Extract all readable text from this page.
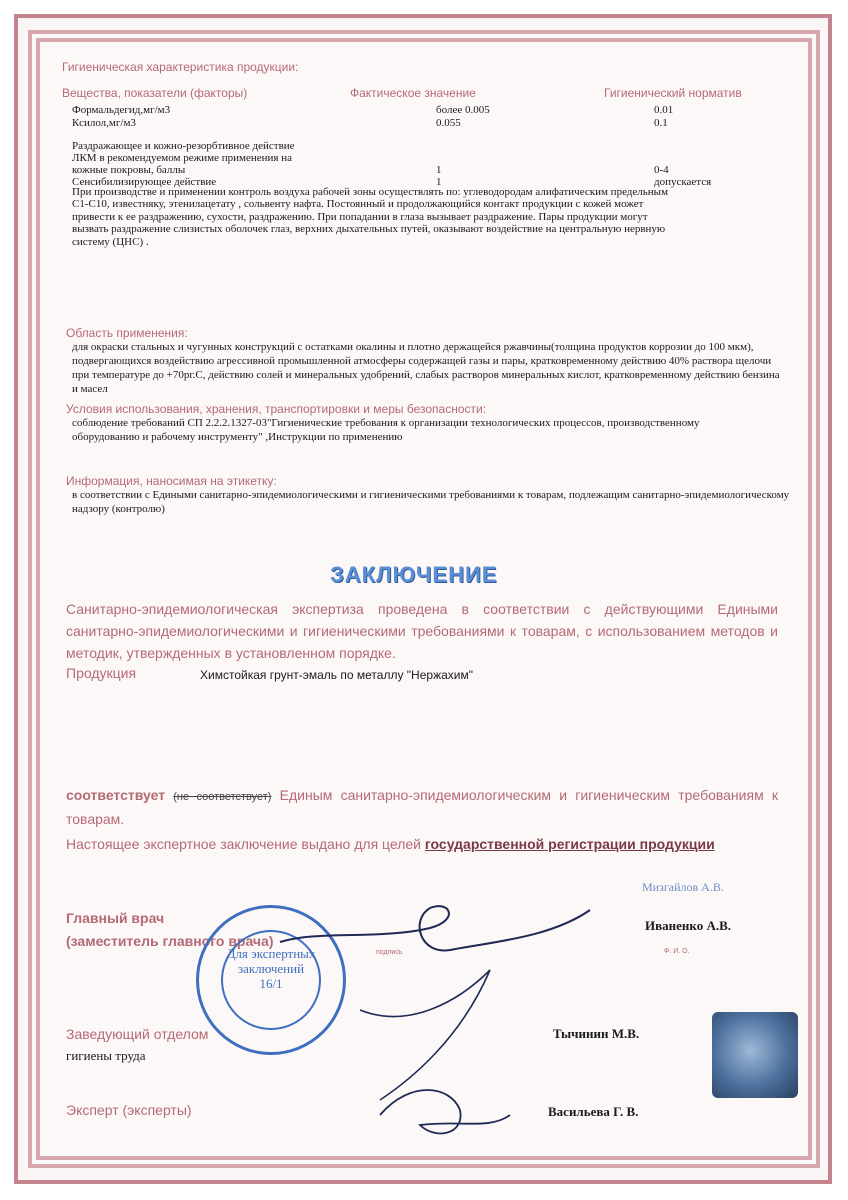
Гигиеническая характеристика продукции:
Вещества, показатели (факторы)	Фактическое значение	Гигиенический норматив
Формальдегид,мг/м3	более 0.005	0.01
Ксилол,мг/м3	0.055	0.1
Раздражающее и кожно-резорбтивное действие ЛКМ в рекомендуемом режиме применения на кожные покровы, баллы	1	0-4
Сенсибилизирующее действие	1	допускается
При производстве и применении контроль воздуха рабочей зоны осуществлять по: углеводородам алифатическим предельным С1-С10, известняку, этенилацетату , сольвенту нафта. Постоянный и продолжающийся контакт продукции с кожей может привести к ее раздражению, сухости, раздражению. При попадании в глаза вызывает раздражение. Пары продукции могут вызвать раздражение слизистых оболочек глаз, верхних дыхательных путей, оказывают воздействие на центральную нервную систему (ЦНС) .
Область применения:
для окраски стальных и чугунных конструкций с остатками окалины и плотно держащейся ржавчины(толщина продуктов коррозии до 100 мкм), подвергающихся воздействию агрессивной промышленной атмосферы содержащей газы и пары, кратковременному действию 40% раствора щелочи при температуре до +70рг.С, действию солей и минеральных удобрений, слабых растворов минеральных кислот, кратковременному действию бензина и масел
Условия использования, хранения, транспортировки и меры безопасности:
соблюдение требований СП 2.2.2.1327-03"Гигиенические требования к организации технологических процессов, производственному оборудованию и рабочему инструменту" ,Инструкции по применению
Информация, наносимая на этикетку:
в соответствии с Едиными санитарно-эпидемиологическими и гигиеническими требованиями к товарам, подлежащим санитарно-эпидемиологическому надзору (контролю)
ЗАКЛЮЧЕНИЕ
Санитарно-эпидемиологическая экспертиза проведена в соответствии с действующими Едиными санитарно-эпидемиологическими и гигиеническими требованиями к товарам, с использованием методов и методик, утвержденных в установленном порядке.
Продукция	Химстойкая грунт-эмаль по металлу "Нержахим"
соответствует (не соответствует) Единым санитарно-эпидемиологическим и гигиеническим требованиям к товарам.
Настоящее экспертное заключение выдано для целей государственной регистрации продукции
Главный врач
(заместитель главного врача)
Мизгайлов А.В.
Иваненко А.В.
Ф. И. О.
подпись
Заведующий отделом
гигиены труда
Тычинин М.В.
Эксперт (эксперты)	Васильева Г. В.
Для экспертных заключений
16/1
